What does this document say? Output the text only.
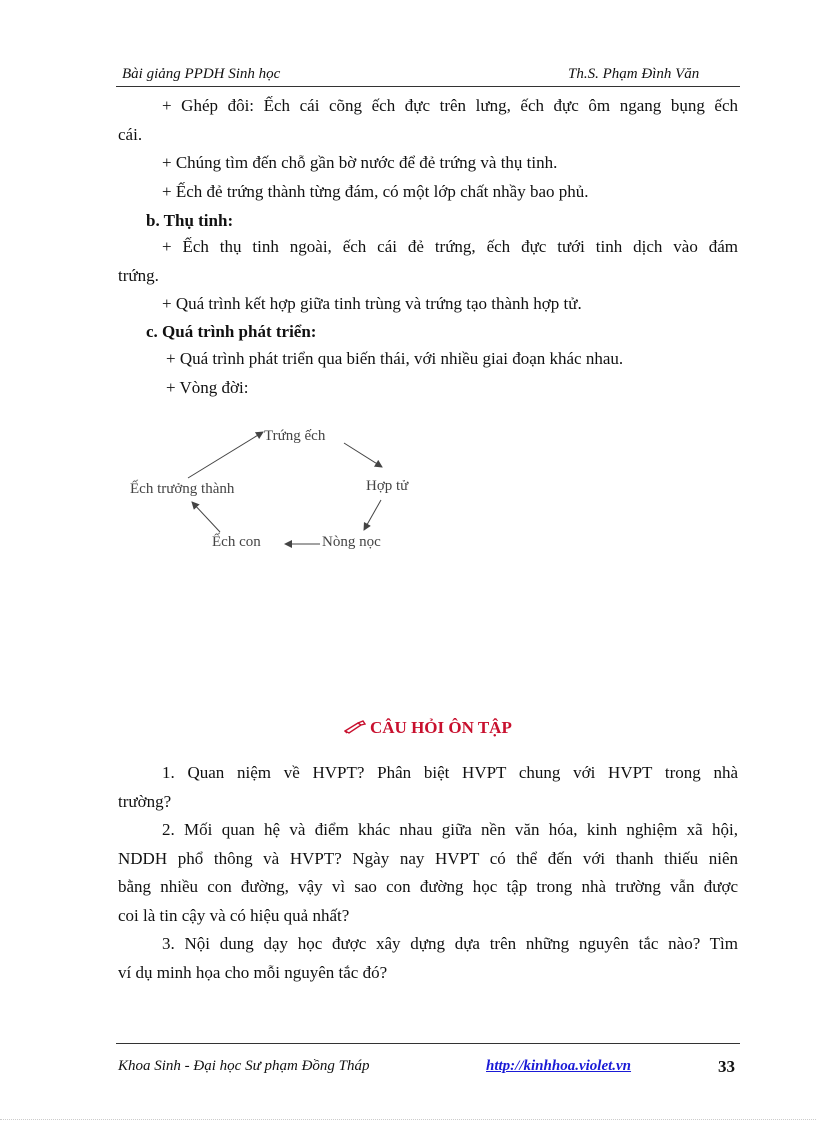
Bài giảng PPDH Sinh học	Th.S. Phạm Đình Văn
+ Ghép đôi: Ếch cái cõng ếch đực trên lưng, ếch đực ôm ngang bụng ếch
cái.
+ Chúng tìm đến chỗ gần bờ nước để đẻ trứng và thụ tinh.
+ Ếch đẻ trứng thành từng đám, có một lớp chất nhầy bao phủ.
b. Thụ tinh:
+ Ếch thụ tinh ngoài, ếch cái đẻ trứng, ếch đực tưới tinh dịch vào đám
trứng.
+ Quá trình kết hợp giữa tinh trùng và trứng tạo thành hợp tử.
c. Quá trình phát triển:
+ Quá trình phát triển qua biến thái, với nhiều giai đoạn khác nhau.
+ Vòng đời:
Trứng ếch
Hợp tử
Nòng nọc
Ếch con
Ếch trưởng thành
CÂU HỎI ÔN TẬP
1. Quan niệm về HVPT? Phân biệt HVPT chung với HVPT trong nhà
trường?
2. Mối quan hệ và điểm khác nhau giữa nền văn hóa, kinh nghiệm xã hội,
NDDH phổ thông và HVPT? Ngày nay HVPT có thể đến với thanh thiếu niên
bằng nhiều con đường, vậy vì sao con đường học tập trong nhà trường vẫn được
coi là tin cậy và có hiệu quả nhất?
3. Nội dung dạy học được xây dựng dựa trên những nguyên tắc nào? Tìm
ví dụ minh họa cho mỗi nguyên tắc đó?
Khoa Sinh - Đại học Sư phạm Đồng Tháp	http://kinhhoa.violet.vn	33
